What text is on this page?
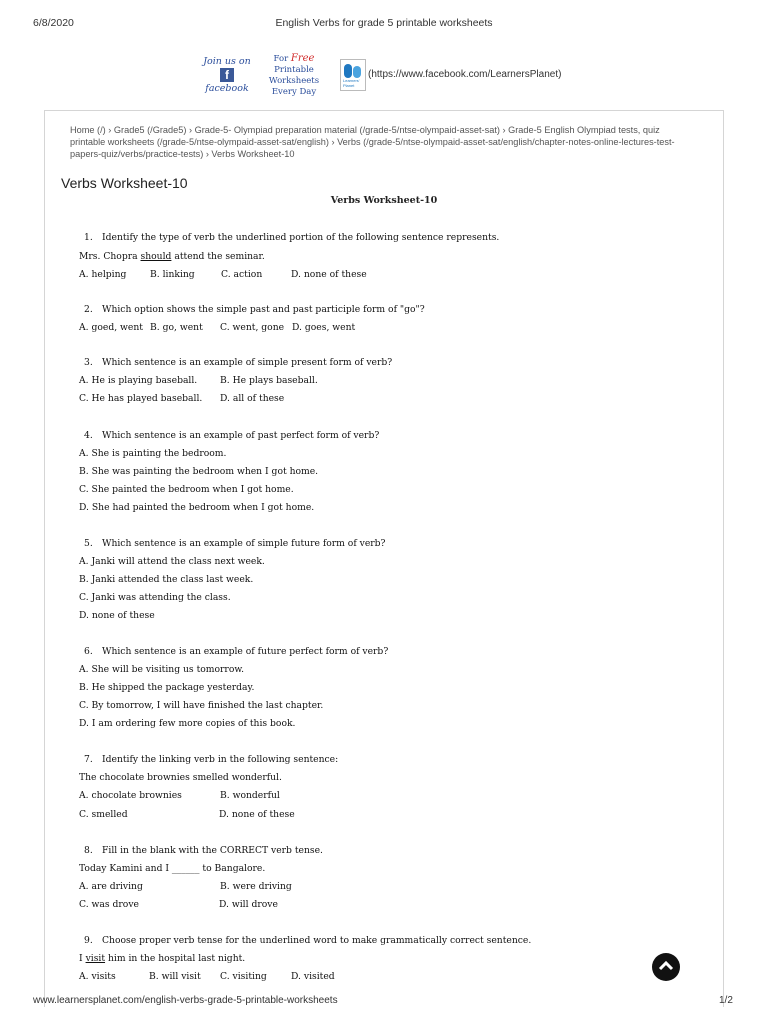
6/8/2020	English Verbs for grade 5 printable worksheets
Join us on
f
facebook
For Free
Printable Worksheets
Every Day
Learners' Planet
(https://www.facebook.com/LearnersPlanet)
Home (/) › Grade5 (/Grade5) › Grade-5- Olympiad preparation material (/grade-5/ntse-olympaid-asset-sat) › Grade-5 English Olympiad tests, quiz printable worksheets (/grade-5/ntse-olympaid-asset-sat/english) › Verbs (/grade-5/ntse-olympaid-asset-sat/english/chapter-notes-online-lectures-test-papers-quiz/verbs/practice-tests) › Verbs Worksheet-10
Verbs Worksheet-10
Verbs Worksheet-10
1. Identify the type of verb the underlined portion of the following sentence represents.
Mrs. Chopra should attend the seminar.
A. helping	B. linking	C. action	D. none of these
2. Which option shows the simple past and past participle form of "go"?
A. goed, went B. go, went C. went, gone D. goes, went
3. Which sentence is an example of simple present form of verb?
A. He is playing baseball. B. He plays baseball.
C. He has played baseball. D. all of these
4. Which sentence is an example of past perfect form of verb?
A. She is painting the bedroom.
B. She was painting the bedroom when I got home.
C. She painted the bedroom when I got home.
D. She had painted the bedroom when I got home.
5. Which sentence is an example of simple future form of verb?
A. Janki will attend the class next week.
B. Janki attended the class last week.
C. Janki was attending the class.
D. none of these
6. Which sentence is an example of future perfect form of verb?
A. She will be visiting us tomorrow.
B. He shipped the package yesterday.
C. By tomorrow, I will have finished the last chapter.
D. I am ordering few more copies of this book.
7. Identify the linking verb in the following sentence:
The chocolate brownies smelled wonderful.
A. chocolate brownies	B. wonderful
C. smelled	D. none of these
8. Fill in the blank with the CORRECT verb tense.
Today Kamini and I ______ to Bangalore.
A. are driving	B. were driving
C. was drove	D. will drove
9. Choose proper verb tense for the underlined word to make grammatically correct sentence.
I visit him in the hospital last night.
A. visits	B. will visit C. visiting	D. visited
www.learnersplanet.com/english-verbs-grade-5-printable-worksheets	1/2
